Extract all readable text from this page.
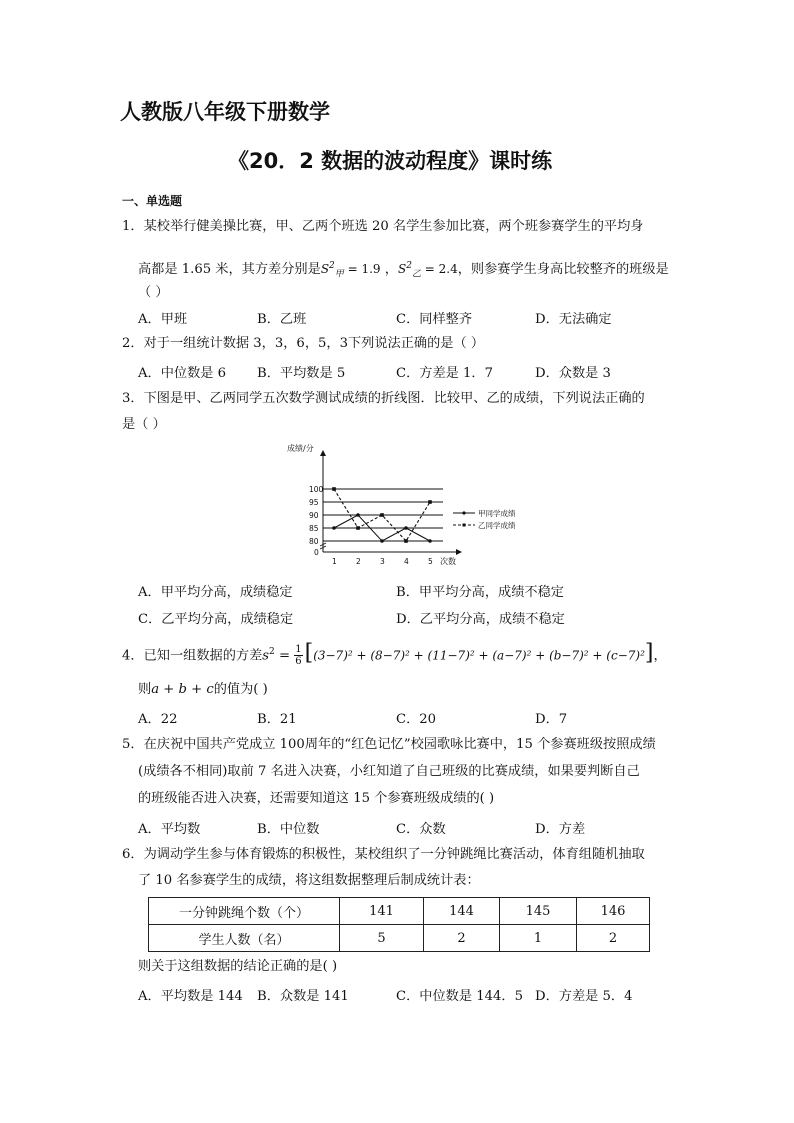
人教版八年级下册数学
《20．2 数据的波动程度》课时练
一、单选题
1．某校举行健美操比赛，甲、乙两个班选 20 名学生参加比赛，两个班参赛学生的平均身
高都是 1.65 米，其方差分别是$S^2_甲 = 1.9$ ，$S^2_乙 = 2.4$，则参赛学生身高比较整齐的班级是
（ ）
A．甲班	B．乙班	C．同样整齐	D．无法确定
2．对于一组统计数据 3，3，6，5，3下列说法正确的是（ ）
A．中位数是 6 B．平均数是 5	C．方差是 1．7	D．众数是 3
3．下图是甲、乙两同学五次数学测试成绩的折线图．比较甲、乙的成绩，下列说法正确的
是（ ）
成绩/分
次数
0
80
85
90
95
100
1	2	3	4	5
甲同学成绩
乙同学成绩
A．甲平均分高，成绩稳定	B．甲平均分高，成绩不稳定
C．乙平均分高，成绩稳定	D．乙平均分高，成绩不稳定
4．已知一组数据的方差$s^2 = \frac{1}{6} [(3-7)^2 + (8-7)^2 + (11-7)^2 + (a-7)^2 + (b-7)^2 + (c-7)^2]$，
则a + b + c的值为( )
A．22	B．21	C．20	D．7
5．在庆祝中国共产党成立 100周年的“红色记忆”校园歌咏比赛中，15 个参赛班级按照成绩
(成绩各不相同)取前 7 名进入决赛，小红知道了自己班级的比赛成绩，如果要判断自己
的班级能否进入决赛，还需要知道这 15 个参赛班级成绩的( )
A．平均数	B．中位数	C．众数	D．方差
6．为调动学生参与体育锻炼的积极性，某校组织了一分钟跳绳比赛活动，体育组随机抽取
了 10 名参赛学生的成绩，将这组数据整理后制成统计表：
一分钟跳绳个数（个）	141	144	145	146
学生人数（名）	5	2	1	2
则关于这组数据的结论正确的是( )
A．平均数是 144 B．众数是 141	C．中位数是 144．5 D．方差是 5．4
